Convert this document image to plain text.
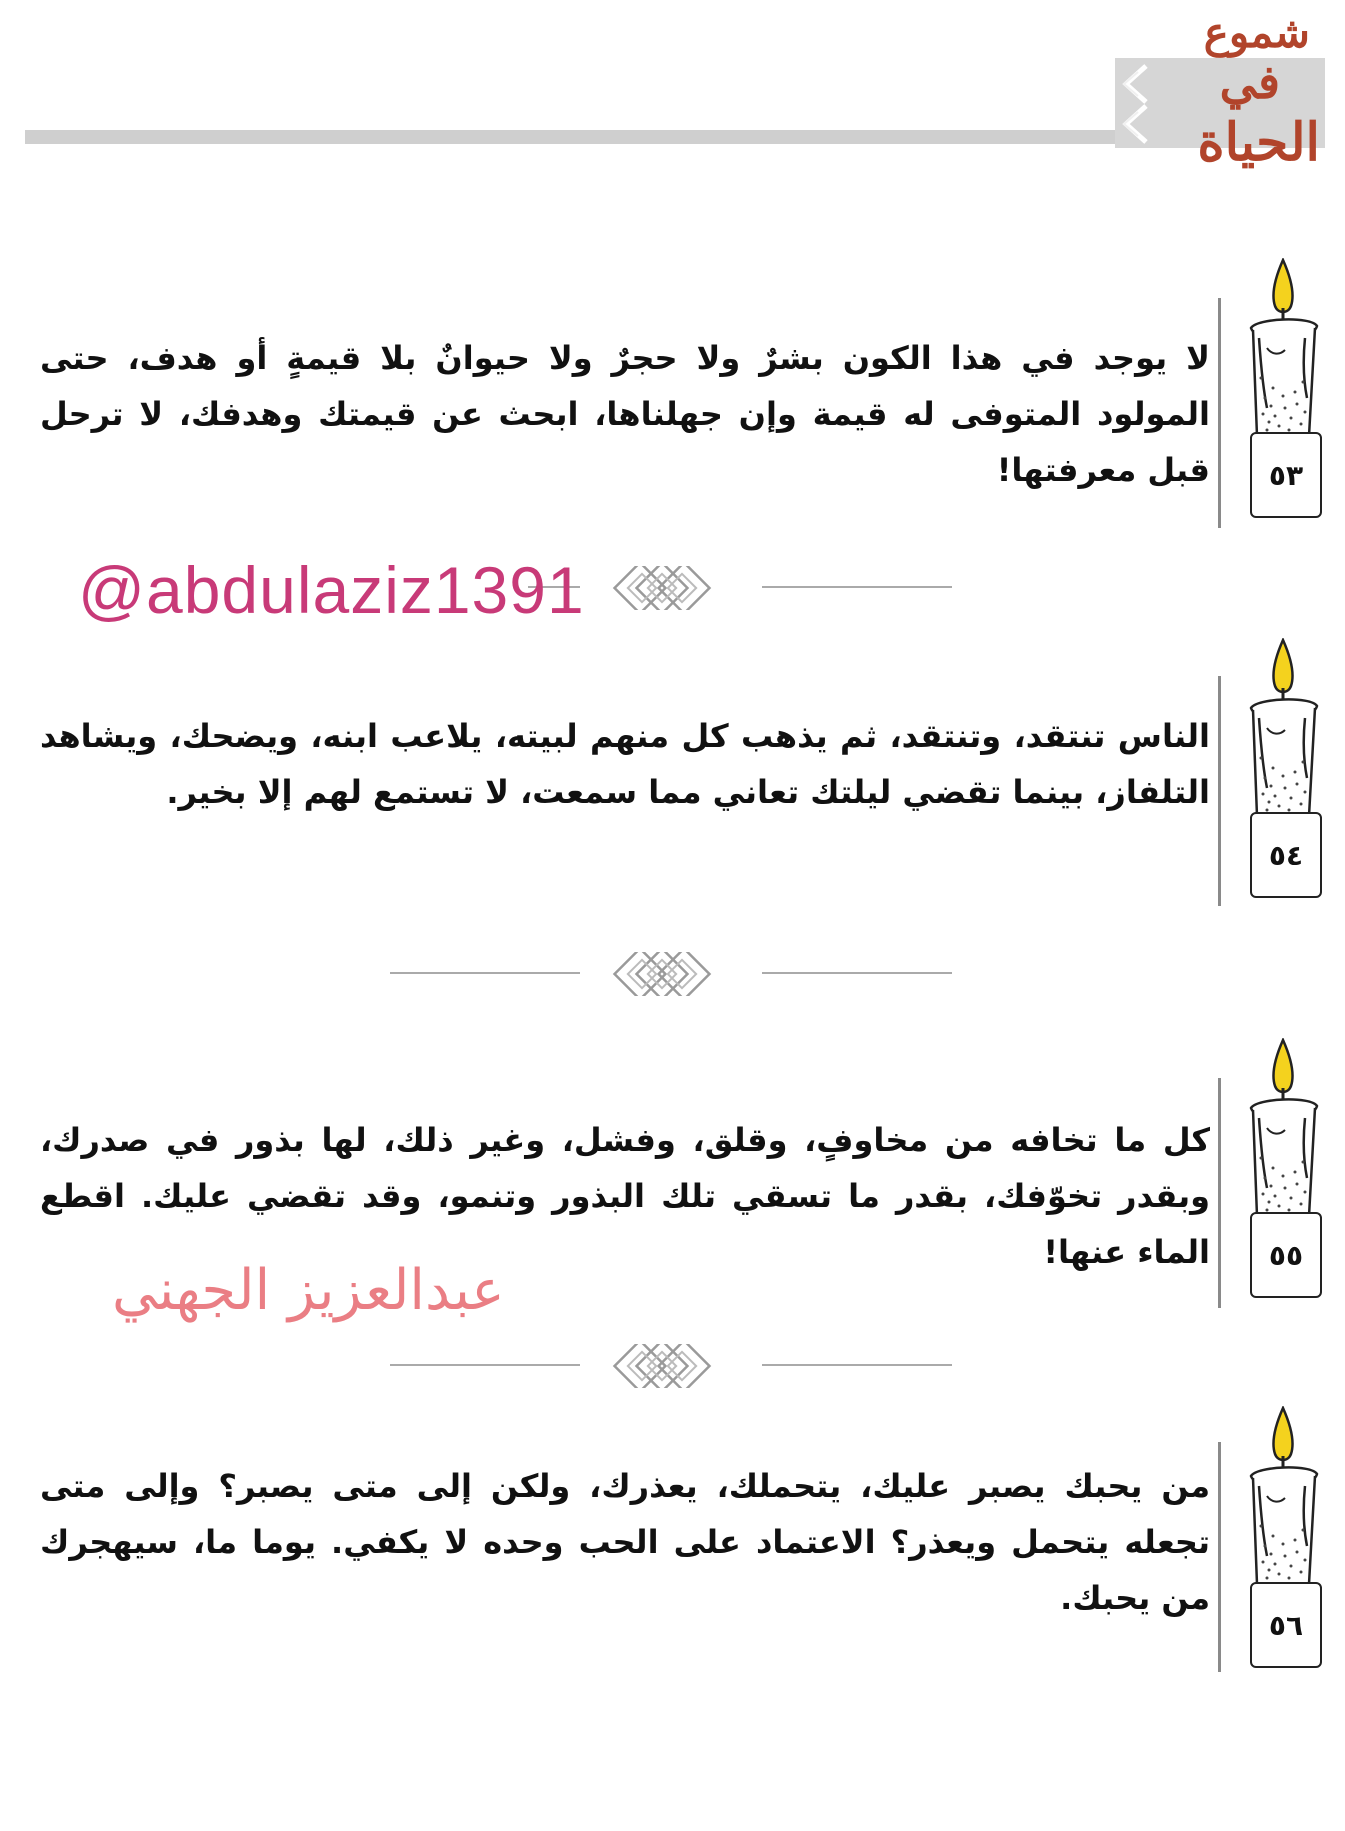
شموع
في
الحياة
لا يوجد في هذا الكون بشرٌ ولا حجرٌ ولا حيوانٌ بلا قيمةٍ أو هدف، حتى المولود المتوفى له قيمة وإن جهلناها، ابحث عن قيمتك وهدفك، لا ترحل قبل معرفتها!	٥٣
@abdulaziz1391
الناس تنتقد، وتنتقد، ثم يذهب كل منهم لبيته، يلاعب ابنه، ويضحك، ويشاهد التلفاز، بينما تقضي ليلتك تعاني مما سمعت، لا تستمع لهم إلا بخير.
٥٤
كل ما تخافه من مخاوفٍ، وقلق، وفشل، وغير ذلك، لها بذور في صدرك، وبقدر تخوّفك، بقدر ما تسقي تلك البذور وتنمو، وقد تقضي عليك. اقطع الماء عنها!	٥٥
عبدالعزيز الجهني
من يحبك يصبر عليك، يتحملك، يعذرك، ولكن إلى متى يصبر؟ وإلى متى تجعله يتحمل ويعذر؟ الاعتماد على الحب وحده لا يكفي. يوما ما، سيهجرك من يحبك.
٥٦
